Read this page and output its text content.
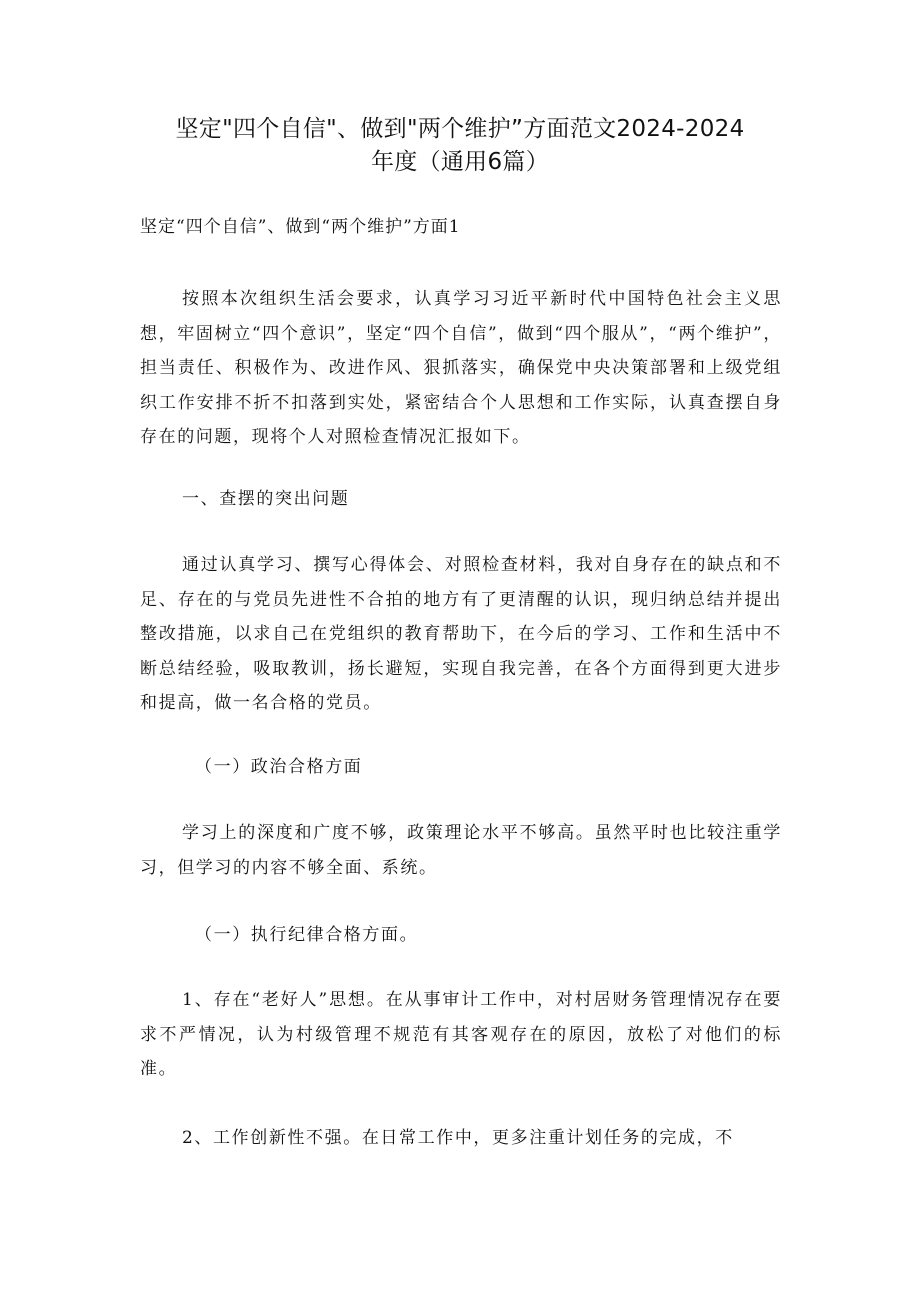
坚定"四个自信"、做到"两个维护”方面范文2024-2024
年度（通用6篇）
坚定“四个自信”、做到“两个维护”方面1

按照本次组织生活会要求，认真学习习近平新时代中国特色社会主义思想，牢固树立“四个意识”，坚定“四个自信”，做到“四个服从”，“两个维护”，担当责任、积极作为、改进作风、狠抓落实，确保党中央决策部署和上级党组织工作安排不折不扣落到实处，紧密结合个人思想和工作实际，认真查摆自身存在的问题，现将个人对照检查情况汇报如下。

一、查摆的突出问题

通过认真学习、撰写心得体会、对照检查材料，我对自身存在的缺点和不足、存在的与党员先进性不合拍的地方有了更清醒的认识，现归纳总结并提出整改措施，以求自己在党组织的教育帮助下，在今后的学习、工作和生活中不断总结经验，吸取教训，扬长避短，实现自我完善，在各个方面得到更大进步和提高，做一名合格的党员。

（一）政治合格方面

学习上的深度和广度不够，政策理论水平不够高。虽然平时也比较注重学习，但学习的内容不够全面、系统。

（一）执行纪律合格方面。

1、存在“老好人”思想。在从事审计工作中，对村居财务管理情况存在要求不严情况，认为村级管理不规范有其客观存在的原因，放松了对他们的标准。

2、工作创新性不强。在日常工作中，更多注重计划任务的完成，不
